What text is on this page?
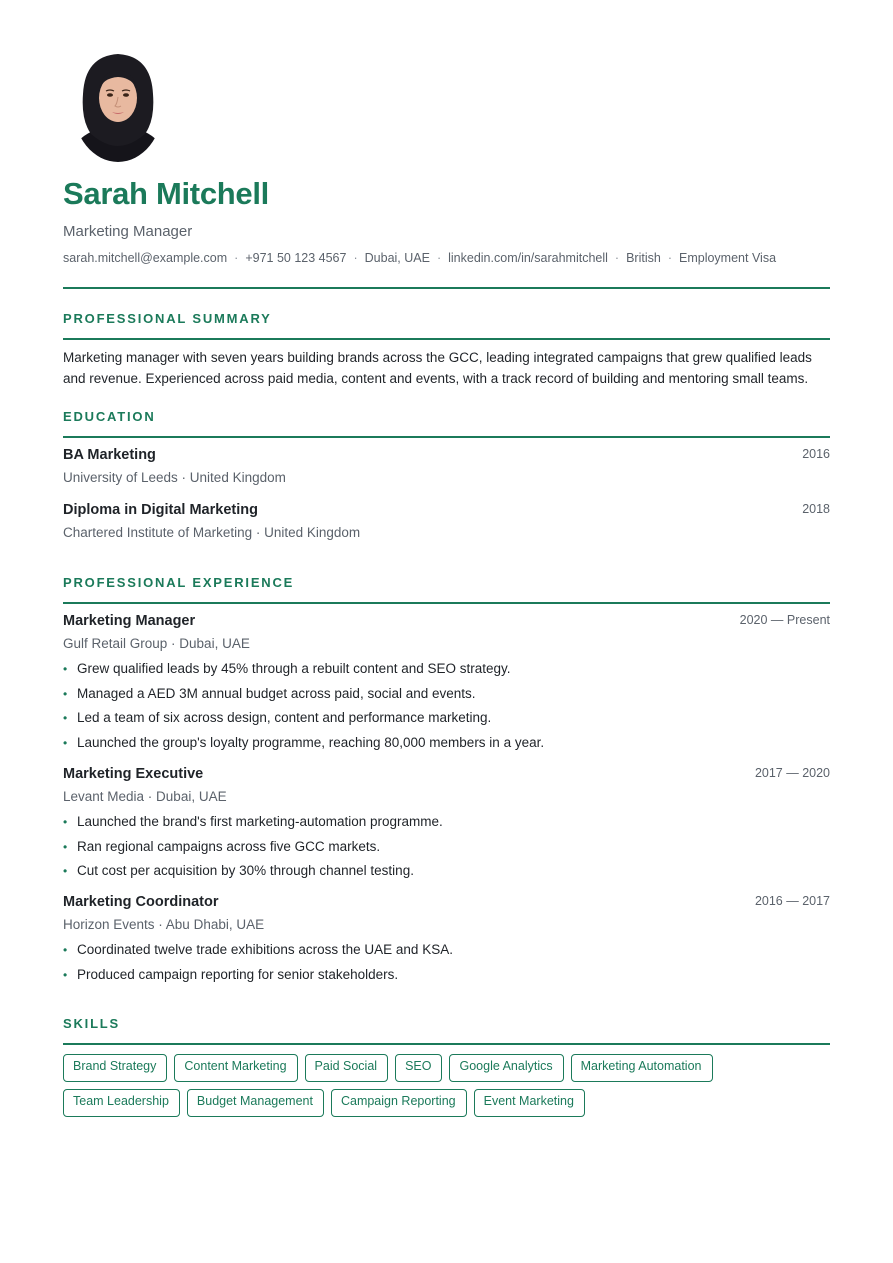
Sarah Mitchell
Marketing Manager
sarah.mitchell@example.com · +971 50 123 4567 · Dubai, UAE · linkedin.com/in/sarahmitchell · British · Employment Visa
PROFESSIONAL SUMMARY

Marketing manager with seven years building brands across the GCC, leading integrated campaigns that grew qualified leads and revenue. Experienced across paid media, content and events, with a track record of building and mentoring small teams.

EDUCATION
BA Marketing	2016
University of Leeds · United Kingdom
Diploma in Digital Marketing	2018
Chartered Institute of Marketing · United Kingdom
PROFESSIONAL EXPERIENCE
Marketing Manager	2020 — Present
Gulf Retail Group · Dubai, UAE
• Grew qualified leads by 45% through a rebuilt content and SEO strategy.
• Managed a AED 3M annual budget across paid, social and events.
• Led a team of six across design, content and performance marketing.
• Launched the group's loyalty programme, reaching 80,000 members in a year.
Marketing Executive	2017 — 2020
Levant Media · Dubai, UAE
• Launched the brand's first marketing-automation programme.
• Ran regional campaigns across five GCC markets.
• Cut cost per acquisition by 30% through channel testing.
Marketing Coordinator	2016 — 2017
Horizon Events · Abu Dhabi, UAE
• Coordinated twelve trade exhibitions across the UAE and KSA.
• Produced campaign reporting for senior stakeholders.
SKILLS
Brand Strategy	Content Marketing	Paid Social	SEO	Google Analytics	Marketing Automation
Team Leadership	Budget Management	Campaign Reporting	Event Marketing
